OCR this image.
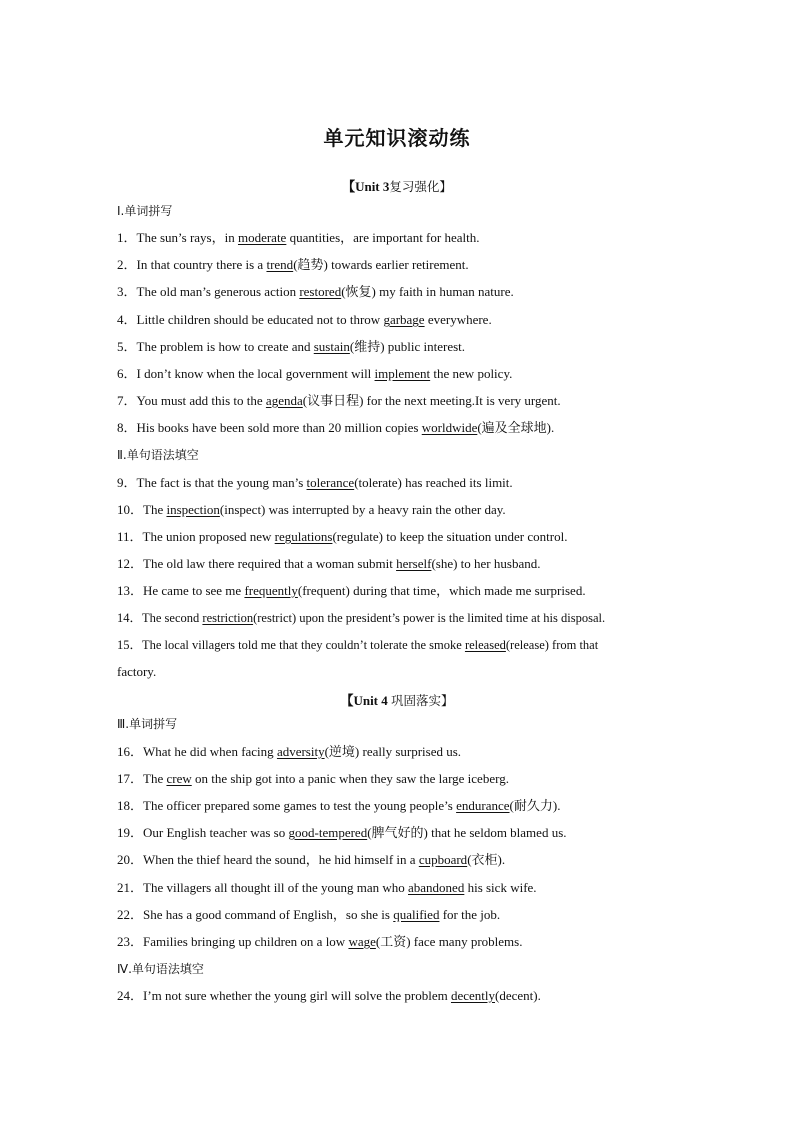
单元知识滚动练
【Unit 3复习强化】
Ⅰ.单词拼写
1．The sun’s rays，in moderate quantities，are important for health.
2．In that country there is a trend(趋势) towards earlier retirement.
3．The old man’s generous action restored(恢复) my faith in human nature.
4．Little children should be educated not to throw garbage everywhere.
5．The problem is how to create and sustain(维持) public interest.
6．I don’t know when the local government will implement the new policy.
7．You must add this to the agenda(议事日程) for the next meeting.It is very urgent.
8．His books have been sold more than 20 million copies worldwide(遍及全球地).
Ⅱ.单句语法填空
9．The fact is that the young man’s tolerance(tolerate) has reached its limit.
10．The inspection(inspect) was interrupted by a heavy rain the other day.
11．The union proposed new regulations(regulate) to keep the situation under control.
12．The old law there required that a woman submit herself(she) to her husband.
13．He came to see me frequently(frequent) during that time，which made me surprised.
14．The second restriction(restrict) upon the president’s power is the limited time at his disposal.
15．The local villagers told me that they couldn’t tolerate the smoke released(release) from that
factory.
【Unit 4 巩固落实】
Ⅲ.单词拼写
16．What he did when facing adversity(逆境) really surprised us.
17．The crew on the ship got into a panic when they saw the large iceberg.
18．The officer prepared some games to test the young people’s endurance(耐久力).
19．Our English teacher was so good-tempered(脾气好的) that he seldom blamed us.
20．When the thief heard the sound，he hid himself in a cupboard(衣柜).
21．The villagers all thought ill of the young man who abandoned his sick wife.
22．She has a good command of English，so she is qualified for the job.
23．Families bringing up children on a low wage(工资) face many problems.
Ⅳ.单句语法填空
24．I’m not sure whether the young girl will solve the problem decently(decent).
